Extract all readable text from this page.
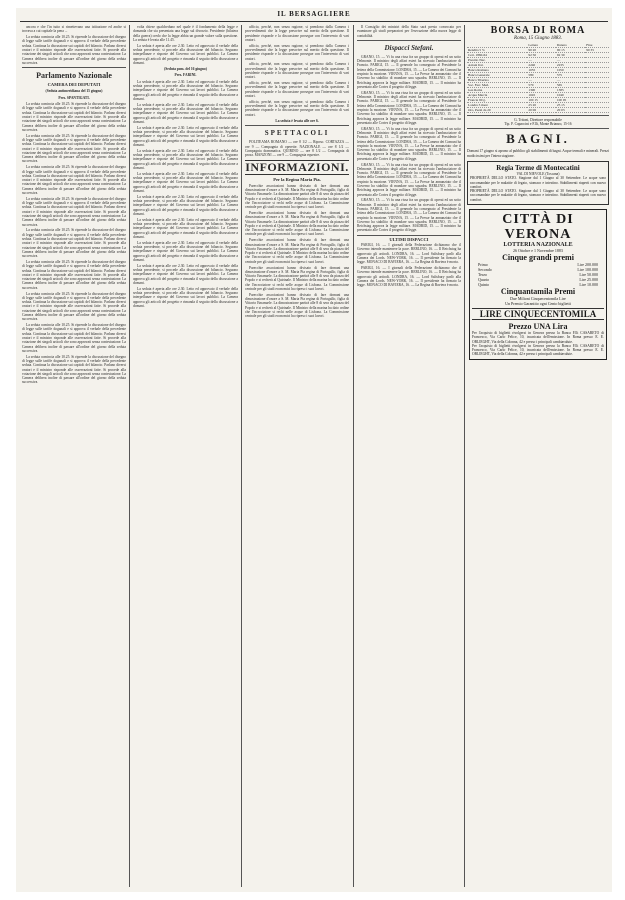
IL BERSAGLIERE

ancora e che l'in tutto si rimettevano una istituzione ed anche si trovava a cui capitale la pena ...

La seduta comincia alle 10.25. Si riprende la discussione del disegno di legge sulle tariffe doganali e si approva il verbale della precedente seduta. Continua la discussione sui capitoli del bilancio. Parlano diversi oratori e il ministro risponde alle osservazioni fatte. Si procede alla votazione dei singoli articoli che sono approvati senza contestazione. La Camera delibera inoltre di passare all'ordine del giorno della seduta successiva.

Parlamento Nazionale
CAMERA DEI DEPUTATI
(Seduta antimeridiana del 15 giugno)
Pres. SPANTIGATI.

La seduta comincia alle 10.25. Si riprende la discussione del disegno di legge sulle tariffe doganali e si approva il verbale della precedente seduta. Continua la discussione sui capitoli del bilancio. Parlano diversi oratori e il ministro risponde alle osservazioni fatte. Si procede alla votazione dei singoli articoli che sono approvati senza contestazione. La Camera delibera inoltre di passare all'ordine del giorno della seduta successiva.

La seduta comincia alle 10.25. Si riprende la discussione del disegno di legge sulle tariffe doganali e si approva il verbale della precedente seduta. Continua la discussione sui capitoli del bilancio. Parlano diversi oratori e il ministro risponde alle osservazioni fatte. Si procede alla votazione dei singoli articoli che sono approvati senza contestazione. La Camera delibera inoltre di passare all'ordine del giorno della seduta successiva.

La seduta comincia alle 10.25. Si riprende la discussione del disegno di legge sulle tariffe doganali e si approva il verbale della precedente seduta. Continua la discussione sui capitoli del bilancio. Parlano diversi oratori e il ministro risponde alle osservazioni fatte. Si procede alla votazione dei singoli articoli che sono approvati senza contestazione. La Camera delibera inoltre di passare all'ordine del giorno della seduta successiva.

La seduta comincia alle 10.25. Si riprende la discussione del disegno di legge sulle tariffe doganali e si approva il verbale della precedente seduta. Continua la discussione sui capitoli del bilancio. Parlano diversi oratori e il ministro risponde alle osservazioni fatte. Si procede alla votazione dei singoli articoli che sono approvati senza contestazione. La Camera delibera inoltre di passare all'ordine del giorno della seduta successiva.

La seduta comincia alle 10.25. Si riprende la discussione del disegno di legge sulle tariffe doganali e si approva il verbale della precedente seduta. Continua la discussione sui capitoli del bilancio. Parlano diversi oratori e il ministro risponde alle osservazioni fatte. Si procede alla votazione dei singoli articoli che sono approvati senza contestazione. La Camera delibera inoltre di passare all'ordine del giorno della seduta successiva.

La seduta comincia alle 10.25. Si riprende la discussione del disegno di legge sulle tariffe doganali e si approva il verbale della precedente seduta. Continua la discussione sui capitoli del bilancio. Parlano diversi oratori e il ministro risponde alle osservazioni fatte. Si procede alla votazione dei singoli articoli che sono approvati senza contestazione. La Camera delibera inoltre di passare all'ordine del giorno della seduta successiva.

La seduta comincia alle 10.25. Si riprende la discussione del disegno di legge sulle tariffe doganali e si approva il verbale della precedente seduta. Continua la discussione sui capitoli del bilancio. Parlano diversi oratori e il ministro risponde alle osservazioni fatte. Si procede alla votazione dei singoli articoli che sono approvati senza contestazione. La Camera delibera inoltre di passare all'ordine del giorno della seduta successiva.

La seduta comincia alle 10.25. Si riprende la discussione del disegno di legge sulle tariffe doganali e si approva il verbale della precedente seduta. Continua la discussione sui capitoli del bilancio. Parlano diversi oratori e il ministro risponde alle osservazioni fatte. Si procede alla votazione dei singoli articoli che sono approvati senza contestazione. La Camera delibera inoltre di passare all'ordine del giorno della seduta successiva.

La seduta comincia alle 10.25. Si riprende la discussione del disegno di legge sulle tariffe doganali e si approva il verbale della precedente seduta. Continua la discussione sui capitoli del bilancio. Parlano diversi oratori e il ministro risponde alle osservazioni fatte. Si procede alla votazione dei singoli articoli che sono approvati senza contestazione. La Camera delibera inoltre di passare all'ordine del giorno della seduta successiva.

volta chiese qualcheduno nel quale è il fondamento della legge e domanda che sia presentata una legge sul divorzio. Presidente (bilatera della guerra) credo che la legge abbia un grande valore sulla questione. La seduta è levata alle 11.45.

La seduta è aperta alle ore 2.30. Letto ed approvato il verbale della seduta precedente, si procede alla discussione del bilancio. Seguono interpellanze e risposte del Governo sui lavori pubblici. La Camera approva gli articoli del progetto e rimanda il seguito della discussione a domani.

(Seduta pom. del 16 giugno)
Pres. FARINI.

La seduta è aperta alle ore 2.30. Letto ed approvato il verbale della seduta precedente, si procede alla discussione del bilancio. Seguono interpellanze e risposte del Governo sui lavori pubblici. La Camera approva gli articoli del progetto e rimanda il seguito della discussione a domani.

La seduta è aperta alle ore 2.30. Letto ed approvato il verbale della seduta precedente, si procede alla discussione del bilancio. Seguono interpellanze e risposte del Governo sui lavori pubblici. La Camera approva gli articoli del progetto e rimanda il seguito della discussione a domani.

La seduta è aperta alle ore 2.30. Letto ed approvato il verbale della seduta precedente, si procede alla discussione del bilancio. Seguono interpellanze e risposte del Governo sui lavori pubblici. La Camera approva gli articoli del progetto e rimanda il seguito della discussione a domani.

La seduta è aperta alle ore 2.30. Letto ed approvato il verbale della seduta precedente, si procede alla discussione del bilancio. Seguono interpellanze e risposte del Governo sui lavori pubblici. La Camera approva gli articoli del progetto e rimanda il seguito della discussione a domani.

La seduta è aperta alle ore 2.30. Letto ed approvato il verbale della seduta precedente, si procede alla discussione del bilancio. Seguono interpellanze e risposte del Governo sui lavori pubblici. La Camera approva gli articoli del progetto e rimanda il seguito della discussione a domani.

La seduta è aperta alle ore 2.30. Letto ed approvato il verbale della seduta precedente, si procede alla discussione del bilancio. Seguono interpellanze e risposte del Governo sui lavori pubblici. La Camera approva gli articoli del progetto e rimanda il seguito della discussione a domani.

La seduta è aperta alle ore 2.30. Letto ed approvato il verbale della seduta precedente, si procede alla discussione del bilancio. Seguono interpellanze e risposte del Governo sui lavori pubblici. La Camera approva gli articoli del progetto e rimanda il seguito della discussione a domani.

La seduta è aperta alle ore 2.30. Letto ed approvato il verbale della seduta precedente, si procede alla discussione del bilancio. Seguono interpellanze e risposte del Governo sui lavori pubblici. La Camera approva gli articoli del progetto e rimanda il seguito della discussione a domani.

La seduta è aperta alle ore 2.30. Letto ed approvato il verbale della seduta precedente, si procede alla discussione del bilancio. Seguono interpellanze e risposte del Governo sui lavori pubblici. La Camera approva gli articoli del progetto e rimanda il seguito della discussione a domani.

La seduta è aperta alle ore 2.30. Letto ed approvato il verbale della seduta precedente, si procede alla discussione del bilancio. Seguono interpellanze e risposte del Governo sui lavori pubblici. La Camera approva gli articoli del progetto e rimanda il seguito della discussione a domani.

ufficio, perchè, non senza ragione, si prendono dalla Camera i provvedimenti che la legge prescrive sul merito della questione. Il presidente risponde e la discussione prosegue con l'intervento di vari oratori.

ufficio, perchè, non senza ragione, si prendono dalla Camera i provvedimenti che la legge prescrive sul merito della questione. Il presidente risponde e la discussione prosegue con l'intervento di vari oratori.

ufficio, perchè, non senza ragione, si prendono dalla Camera i provvedimenti che la legge prescrive sul merito della questione. Il presidente risponde e la discussione prosegue con l'intervento di vari oratori.

ufficio, perchè, non senza ragione, si prendono dalla Camera i provvedimenti che la legge prescrive sul merito della questione. Il presidente risponde e la discussione prosegue con l'intervento di vari oratori.

ufficio, perchè, non senza ragione, si prendono dalla Camera i provvedimenti che la legge prescrive sul merito della questione. Il presidente risponde e la discussione prosegue con l'intervento di vari oratori.

La seduta è levata alle ore 6.
SPETTACOLI

POLITEAMA ROMANO — ore 8 1/2 — Riposo. CORTAZZA — ore 9 — Compagnia di operette. NAZIONALE — ore 8 1/2 — Compagnia drammatica. QUIRINO — ore 8 1/2 — Compagnia di prosa. MANZONI — ore 9 — Compagnia equestre.

INFORMAZIONI.
Per la Regina Maria Pia.

Parecchie associazioni hanno divisato di fare domani una dimostrazione d'onore a S. M. Maria Pia regina di Portogallo, figlia di Vittorio Emanuele. La dimostrazione partirà alle 8 di sera da piazza del Popolo e si recherà al Quirinale. Il Ministro della marina ha dato ordine che l'incrociatore si rechi nelle acque di Lisbona. La Commissione centrale per gli studi economici ha ripreso i suoi lavori.

Parecchie associazioni hanno divisato di fare domani una dimostrazione d'onore a S. M. Maria Pia regina di Portogallo, figlia di Vittorio Emanuele. La dimostrazione partirà alle 8 di sera da piazza del Popolo e si recherà al Quirinale. Il Ministro della marina ha dato ordine che l'incrociatore si rechi nelle acque di Lisbona. La Commissione centrale per gli studi economici ha ripreso i suoi lavori.

Parecchie associazioni hanno divisato di fare domani una dimostrazione d'onore a S. M. Maria Pia regina di Portogallo, figlia di Vittorio Emanuele. La dimostrazione partirà alle 8 di sera da piazza del Popolo e si recherà al Quirinale. Il Ministro della marina ha dato ordine che l'incrociatore si rechi nelle acque di Lisbona. La Commissione centrale per gli studi economici ha ripreso i suoi lavori.

Parecchie associazioni hanno divisato di fare domani una dimostrazione d'onore a S. M. Maria Pia regina di Portogallo, figlia di Vittorio Emanuele. La dimostrazione partirà alle 8 di sera da piazza del Popolo e si recherà al Quirinale. Il Ministro della marina ha dato ordine che l'incrociatore si rechi nelle acque di Lisbona. La Commissione centrale per gli studi economici ha ripreso i suoi lavori.

Parecchie associazioni hanno divisato di fare domani una dimostrazione d'onore a S. M. Maria Pia regina di Portogallo, figlia di Vittorio Emanuele. La dimostrazione partirà alle 8 di sera da piazza del Popolo e si recherà al Quirinale. Il Ministro della marina ha dato ordine che l'incrociatore si rechi nelle acque di Lisbona. La Commissione centrale per gli studi economici ha ripreso i suoi lavori.

Il Consiglio dei ministri della Stato sarà presto convocato per esaminare gli studi preparatori per l'esecuzione della nuova legge di contabilità.

Dispacci Stefani.

GRANO, 15. — Vi fu una rissa fra un gruppo di operai ed un sotto Delmonte. Il ministro degli affari esteri ha ricevuto l'ambasciatore di Francia. PARIGI, 15. — Il generale ha consegnato al Presidente la lettera della Commissione. LONDRA, 15. — La Camera dei Comuni ha respinto la mozione. VIENNA, 15. — La Presse ha annunziato che il Governo ha stabilito di mandare una squadra. BERLINO, 15. — Il Reichstag approva la legge militare. MADRID, 15. — Il ministro ha presentato alle Cortes il progetto di legge.

GRANO, 15. — Vi fu una rissa fra un gruppo di operai ed un sotto Delmonte. Il ministro degli affari esteri ha ricevuto l'ambasciatore di Francia. PARIGI, 15. — Il generale ha consegnato al Presidente la lettera della Commissione. LONDRA, 15. — La Camera dei Comuni ha respinto la mozione. VIENNA, 15. — La Presse ha annunziato che il Governo ha stabilito di mandare una squadra. BERLINO, 15. — Il Reichstag approva la legge militare. MADRID, 15. — Il ministro ha presentato alle Cortes il progetto di legge.

GRANO, 15. — Vi fu una rissa fra un gruppo di operai ed un sotto Delmonte. Il ministro degli affari esteri ha ricevuto l'ambasciatore di Francia. PARIGI, 15. — Il generale ha consegnato al Presidente la lettera della Commissione. LONDRA, 15. — La Camera dei Comuni ha respinto la mozione. VIENNA, 15. — La Presse ha annunziato che il Governo ha stabilito di mandare una squadra. BERLINO, 15. — Il Reichstag approva la legge militare. MADRID, 15. — Il ministro ha presentato alle Cortes il progetto di legge.

GRANO, 15. — Vi fu una rissa fra un gruppo di operai ed un sotto Delmonte. Il ministro degli affari esteri ha ricevuto l'ambasciatore di Francia. PARIGI, 15. — Il generale ha consegnato al Presidente la lettera della Commissione. LONDRA, 15. — La Camera dei Comuni ha respinto la mozione. VIENNA, 15. — La Presse ha annunziato che il Governo ha stabilito di mandare una squadra. BERLINO, 15. — Il Reichstag approva la legge militare. MADRID, 15. — Il ministro ha presentato alle Cortes il progetto di legge.

GRANO, 15. — Vi fu una rissa fra un gruppo di operai ed un sotto Delmonte. Il ministro degli affari esteri ha ricevuto l'ambasciatore di Francia. PARIGI, 15. — Il generale ha consegnato al Presidente la lettera della Commissione. LONDRA, 15. — La Camera dei Comuni ha respinto la mozione. VIENNA, 15. — La Presse ha annunziato che il Governo ha stabilito di mandare una squadra. BERLINO, 15. — Il Reichstag approva la legge militare. MADRID, 15. — Il ministro ha presentato alle Cortes il progetto di legge.

ULTIMI DISPACCI

PARIGI, 16. — I giornali della Federazione dichiarano che il Governo intende mantenere la pace. BERLINO, 16. — Il Reichstag ha approvato gli articoli. LONDRA, 16. — Lord Salisbury parlò alla Camera dei Lords. NEW-YORK, 16. — Il presidente ha firmato la legge. MONACO DI BAVIERA, 16. — La Regina di Baviera è morta.

PARIGI, 16. — I giornali della Federazione dichiarano che il Governo intende mantenere la pace. BERLINO, 16. — Il Reichstag ha approvato gli articoli. LONDRA, 16. — Lord Salisbury parlò alla Camera dei Lords. NEW-YORK, 16. — Il presidente ha firmato la legge. MONACO DI BAVIERA, 16. — La Regina di Baviera è morta.

BORSA DI ROMA
Roma, 15 Giugno 1883.
	Lettere	Danaro	Fine
Rendita 5 %	90 20	90 15	90 35
Cert. 1860-64	92 50	92 30	
Prestito Naz.	—	—	
Azioni Ital.	2240	2235	
Banca Romana	1055	1050	
Banca Generale	580	575	
Banca Tiberina	—	—	
Soc. Ferr. Med.	570	565	
Gas Roma	1390	1385	
Acqua Marcia	1045	1040	
Francia 90 g.	100 15	100 05	
Londra 3 mesi	25 20	25 15	
Oro, Pezzi da 20	20 06	20 03	
G. Tritoni, Direttore responsabile
Tip. F. Capaccini e F.lli, Monte Brianzo, 15-16
BAGNI.
Domani 17 giugno si aprono al pubblico gli stabilimenti di bagni. Acque termali e minerali. Prezzi modicissimi per l'intera stagione.
Regia Terme di Montecatini
VAL DI NIEVOLE (Toscana)
PROPRIETÀ DELLO STATO. Stagione dal 1 Giugno al 30 Settembre. Le acque sono raccomandate per le malattie di fegato, stomaco e intestino. Stabilimenti riaperti con nuovo comfort.
PROPRIETÀ DELLO STATO. Stagione dal 1 Giugno al 30 Settembre. Le acque sono raccomandate per le malattie di fegato, stomaco e intestino. Stabilimenti riaperti con nuovo comfort.
CITTÀ DI VERONA
LOTTERIA NAZIONALE
26 Ottobre e 1 Novembre 1883
Cinque grandi premi
Primo	Lire 200.000
Secondo	Lire 100.000
Terzo	Lire 50.000
Quarto	Lire 25.000
Quinto	Lire 10.000
Cinquantamila Premi
Due Milioni Cinquecentomila Lire
Un Premio Garantito ogni Cento biglietti
LIRE CINQUECENTOMILA
Prezzo UNA Lira
Per l'acquisto di biglietti rivolgersi in Genova presso la Banca F.lli CASARETO di Francesco, Via Carlo Felice, 10, incaricata dell'emissione. In Roma presso E. E. OBLIEGHT, Via della Colonna, 42 e presso i principali cambiavalute.
Per l'acquisto di biglietti rivolgersi in Genova presso la Banca F.lli CASARETO di Francesco, Via Carlo Felice, 10, incaricata dell'emissione. In Roma presso E. E. OBLIEGHT, Via della Colonna, 42 e presso i principali cambiavalute.
